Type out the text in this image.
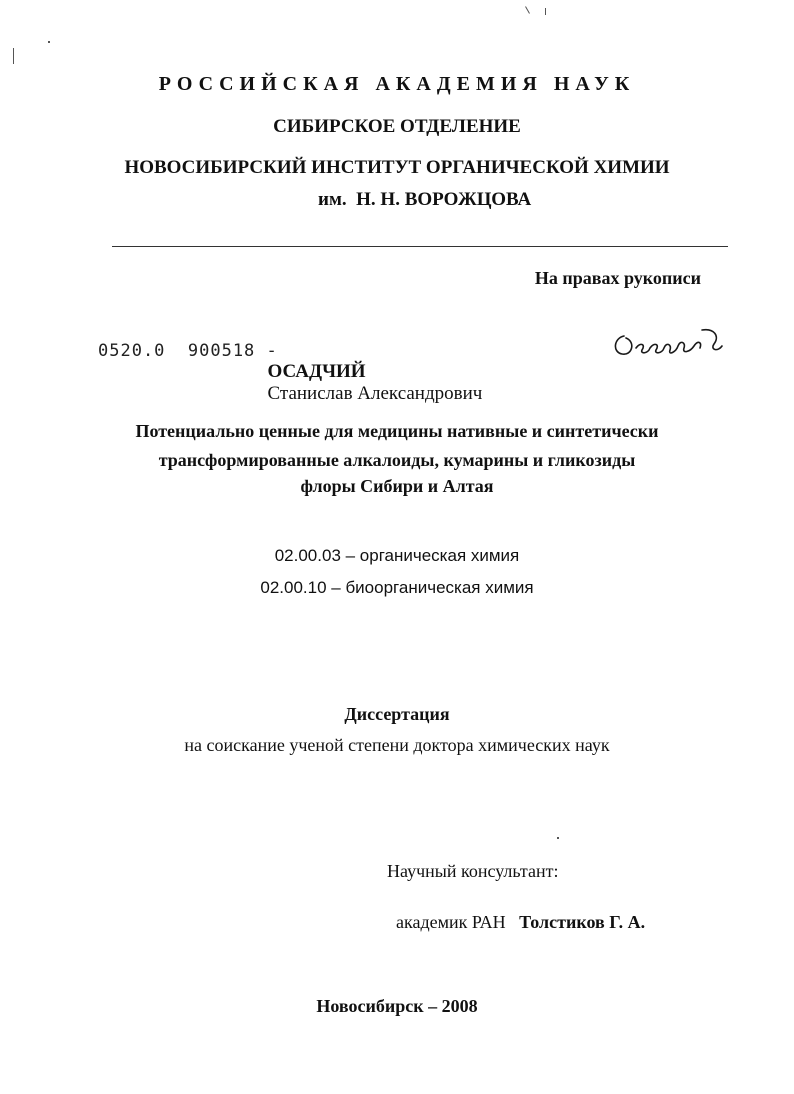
РОССИЙСКАЯ АКАДЕМИЯ НАУК
СИБИРСКОЕ ОТДЕЛЕНИЕ
НОВОСИБИРСКИЙ ИНСТИТУТ ОРГАНИЧЕСКОЙ ХИМИИ
им.  Н. Н. ВОРОЖЦОВА
На правах рукописи
0520.0  900518 -

ОСАДЧИЙ
Станислав Александрович

Потенциально ценные для медицины нативные и синтетически
трансформированные алкалоиды, кумарины и гликозиды
флоры Сибири и Алтая
02.00.03 – органическая химия
02.00.10 – биоорганическая химия
Диссертация
на соискание ученой степени доктора химических наук
Научный консультант:

академик РАН Толстиков Г. А.

Новосибирск – 2008
